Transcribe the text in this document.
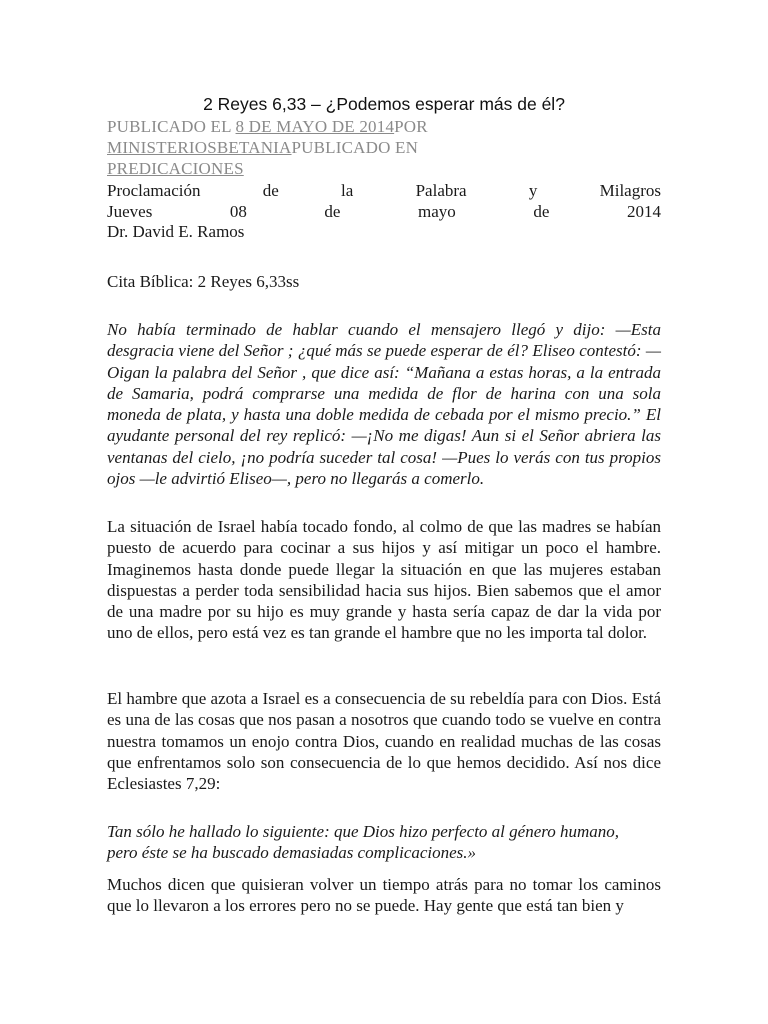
2 Reyes 6,33 – ¿Podemos esperar más de él?
PUBLICADO EL 8 DE MAYO DE 2014POR MINISTERIOSBETANIAPUBLICADO EN PREDICACIONES
Proclamación	de	la	Palabra	y	Milagros
Jueves	08	de	mayo	de	2014
Dr. David E. Ramos
Cita Bíblica: 2 Reyes 6,33ss

No había terminado de hablar cuando el mensajero llegó y dijo: —Esta desgracia viene del Señor ; ¿qué más se puede esperar de él? Eliseo contestó: —Oigan la palabra del Señor , que dice así: “Mañana a estas horas, a la entrada de Samaria, podrá comprarse una medida de flor de harina con una sola moneda de plata, y hasta una doble medida de cebada por el mismo precio.” El ayudante personal del rey replicó: —¡No me digas! Aun si el Señor abriera las ventanas del cielo, ¡no podría suceder tal cosa! —Pues lo verás con tus propios ojos —le advirtió Eliseo—, pero no llegarás a comerlo.

La situación de Israel había tocado fondo, al colmo de que las madres se habían puesto de acuerdo para cocinar a sus hijos y así mitigar un poco el hambre. Imaginemos hasta donde puede llegar la situación en que las mujeres estaban dispuestas a perder toda sensibilidad hacia sus hijos. Bien sabemos que el amor de una madre por su hijo es muy grande y hasta sería capaz de dar la vida por uno de ellos, pero está vez es tan grande el hambre que no les importa tal dolor.

El hambre que azota a Israel es a consecuencia de su rebeldía para con Dios. Está es una de las cosas que nos pasan a nosotros que cuando todo se vuelve en contra nuestra tomamos un enojo contra Dios, cuando en realidad muchas de las cosas que enfrentamos solo son consecuencia de lo que hemos decidido. Así nos dice Eclesiastes 7,29:

Tan sólo he hallado lo siguiente: que Dios hizo perfecto al género humano,
pero éste se ha buscado demasiadas complicaciones.»

Muchos dicen que quisieran volver un tiempo atrás para no tomar los caminos que lo llevaron a los errores pero no se puede. Hay gente que está tan bien y
